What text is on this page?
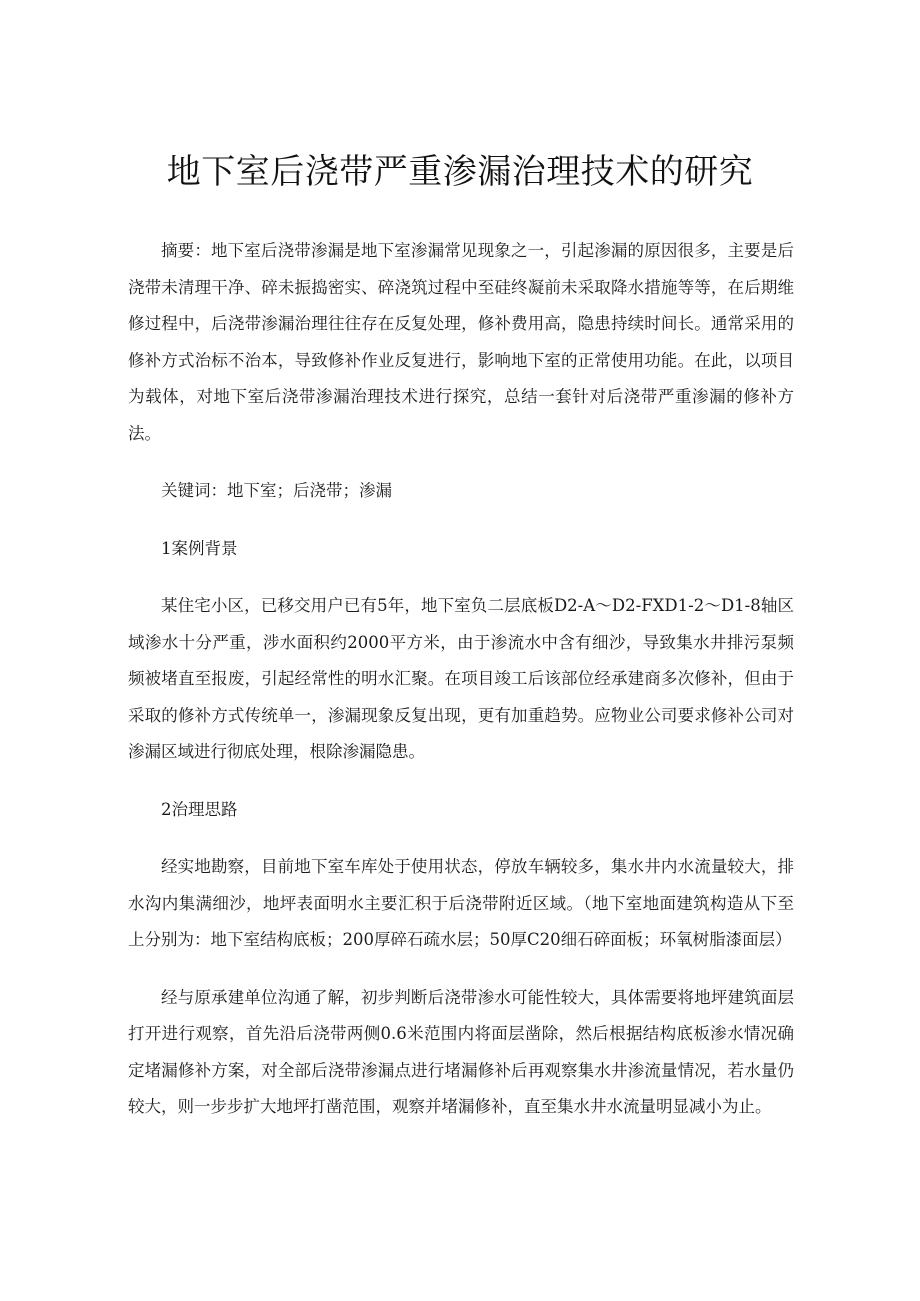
地下室后浇带严重渗漏治理技术的研究

摘要：地下室后浇带渗漏是地下室渗漏常见现象之一，引起渗漏的原因很多，主要是后浇带未清理干净、碎未振捣密实、碎浇筑过程中至硅终凝前未采取降水措施等等，在后期维修过程中，后浇带渗漏治理往往存在反复处理，修补费用高，隐患持续时间长。通常采用的修补方式治标不治本，导致修补作业反复进行，影响地下室的正常使用功能。在此，以项目为载体，对地下室后浇带渗漏治理技术进行探究，总结一套针对后浇带严重渗漏的修补方法。

关键词：地下室；后浇带；渗漏

1案例背景

某住宅小区，已移交用户已有5年，地下室负二层底板D2-A〜D2-FXD1-2〜D1-8轴区域渗水十分严重，涉水面积约2000平方米，由于渗流水中含有细沙，导致集水井排污泵频频被堵直至报废，引起经常性的明水汇聚。在项目竣工后该部位经承建商多次修补，但由于采取的修补方式传统单一，渗漏现象反复出现，更有加重趋势。应物业公司要求修补公司对渗漏区域进行彻底处理，根除渗漏隐患。

2治理思路

经实地勘察，目前地下室车库处于使用状态，停放车辆较多，集水井内水流量较大，排水沟内集满细沙，地坪表面明水主要汇积于后浇带附近区域。（地下室地面建筑构造从下至上分别为：地下室结构底板；200厚碎石疏水层；50厚C20细石碎面板；环氧树脂漆面层）

经与原承建单位沟通了解，初步判断后浇带渗水可能性较大，具体需要将地坪建筑面层打开进行观察，首先沿后浇带两侧0.6米范围内将面层凿除，然后根据结构底板渗水情况确定堵漏修补方案，对全部后浇带渗漏点进行堵漏修补后再观察集水井渗流量情况，若水量仍较大，则一步步扩大地坪打凿范围，观察并堵漏修补，直至集水井水流量明显减小为止。
